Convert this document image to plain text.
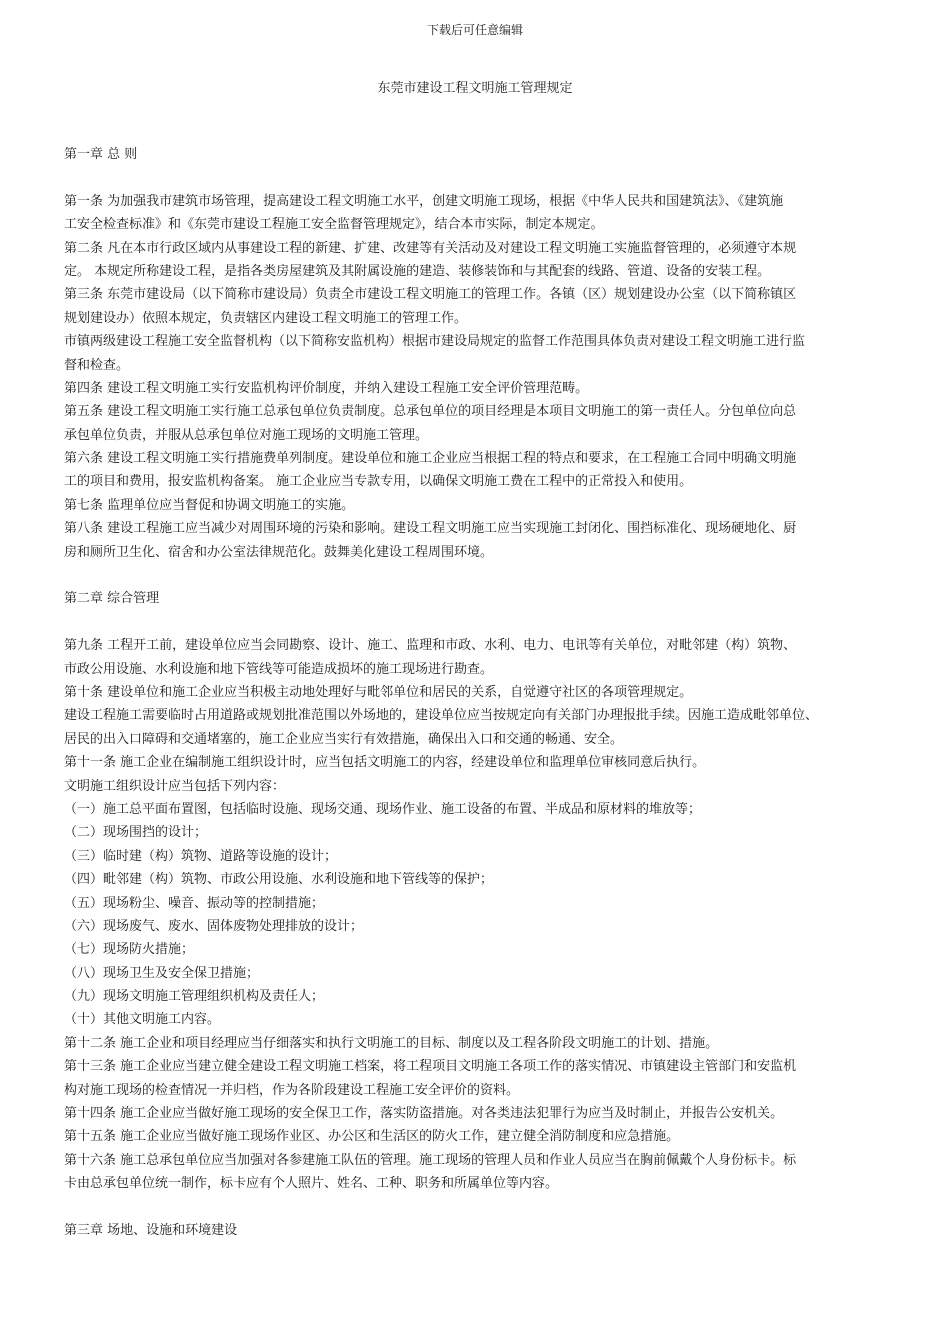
下载后可任意编辑
东莞市建设工程文明施工管理规定
第一章 总 则

第一条 为加强我市建筑市场管理，提高建设工程文明施工水平，创建文明施工现场，根据《中华人民共和国建筑法》、《建筑施

工安全检查标准》和《东莞市建设工程施工安全监督管理规定》，结合本市实际，制定本规定。

第二条 凡在本市行政区域内从事建设工程的新建、扩建、改建等有关活动及对建设工程文明施工实施监督管理的，必须遵守本规

定。 本规定所称建设工程，是指各类房屋建筑及其附属设施的建造、装修装饰和与其配套的线路、管道、设备的安装工程。

第三条 东莞市建设局（以下简称市建设局）负责全市建设工程文明施工的管理工作。各镇（区）规划建设办公室（以下简称镇区

规划建设办）依照本规定，负责辖区内建设工程文明施工的管理工作。

市镇两级建设工程施工安全监督机构（以下简称安监机构）根据市建设局规定的监督工作范围具体负责对建设工程文明施工进行监

督和检查。

第四条 建设工程文明施工实行安监机构评价制度，并纳入建设工程施工安全评价管理范畴。

第五条 建设工程文明施工实行施工总承包单位负责制度。总承包单位的项目经理是本项目文明施工的第一责任人。分包单位向总

承包单位负责，并服从总承包单位对施工现场的文明施工管理。

第六条 建设工程文明施工实行措施费单列制度。建设单位和施工企业应当根据工程的特点和要求，在工程施工合同中明确文明施

工的项目和费用，报安监机构备案。 施工企业应当专款专用，以确保文明施工费在工程中的正常投入和使用。

第七条 监理单位应当督促和协调文明施工的实施。

第八条 建设工程施工应当减少对周围环境的污染和影响。建设工程文明施工应当实现施工封闭化、围挡标准化、现场硬地化、厨

房和厕所卫生化、宿舍和办公室法律规范化。鼓舞美化建设工程周围环境。

第二章 综合管理

第九条 工程开工前，建设单位应当会同勘察、设计、施工、监理和市政、水利、电力、电讯等有关单位，对毗邻建（构）筑物、

市政公用设施、水利设施和地下管线等可能造成损坏的施工现场进行勘查。

第十条 建设单位和施工企业应当积极主动地处理好与毗邻单位和居民的关系，自觉遵守社区的各项管理规定。

建设工程施工需要临时占用道路或规划批准范围以外场地的，建设单位应当按规定向有关部门办理报批手续。因施工造成毗邻单位、

居民的出入口障碍和交通堵塞的，施工企业应当实行有效措施，确保出入口和交通的畅通、安全。

第十一条 施工企业在编制施工组织设计时，应当包括文明施工的内容，经建设单位和监理单位审核同意后执行。

文明施工组织设计应当包括下列内容：

（一）施工总平面布置图，包括临时设施、现场交通、现场作业、施工设备的布置、半成品和原材料的堆放等；

（二）现场围挡的设计；

（三）临时建（构）筑物、道路等设施的设计；

（四）毗邻建（构）筑物、市政公用设施、水利设施和地下管线等的保护；

（五）现场粉尘、噪音、振动等的控制措施；

（六）现场废气、废水、固体废物处理排放的设计；

（七）现场防火措施；

（八）现场卫生及安全保卫措施；

（九）现场文明施工管理组织机构及责任人；

（十）其他文明施工内容。

第十二条 施工企业和项目经理应当仔细落实和执行文明施工的目标、制度以及工程各阶段文明施工的计划、措施。

第十三条 施工企业应当建立健全建设工程文明施工档案，将工程项目文明施工各项工作的落实情况、市镇建设主管部门和安监机

构对施工现场的检查情况一并归档，作为各阶段建设工程施工安全评价的资料。

第十四条 施工企业应当做好施工现场的安全保卫工作，落实防盗措施。对各类违法犯罪行为应当及时制止，并报告公安机关。

第十五条 施工企业应当做好施工现场作业区、办公区和生活区的防火工作，建立健全消防制度和应急措施。

第十六条 施工总承包单位应当加强对各参建施工队伍的管理。施工现场的管理人员和作业人员应当在胸前佩戴个人身份标卡。标

卡由总承包单位统一制作，标卡应有个人照片、姓名、工种、职务和所属单位等内容。

第三章 场地、设施和环境建设
